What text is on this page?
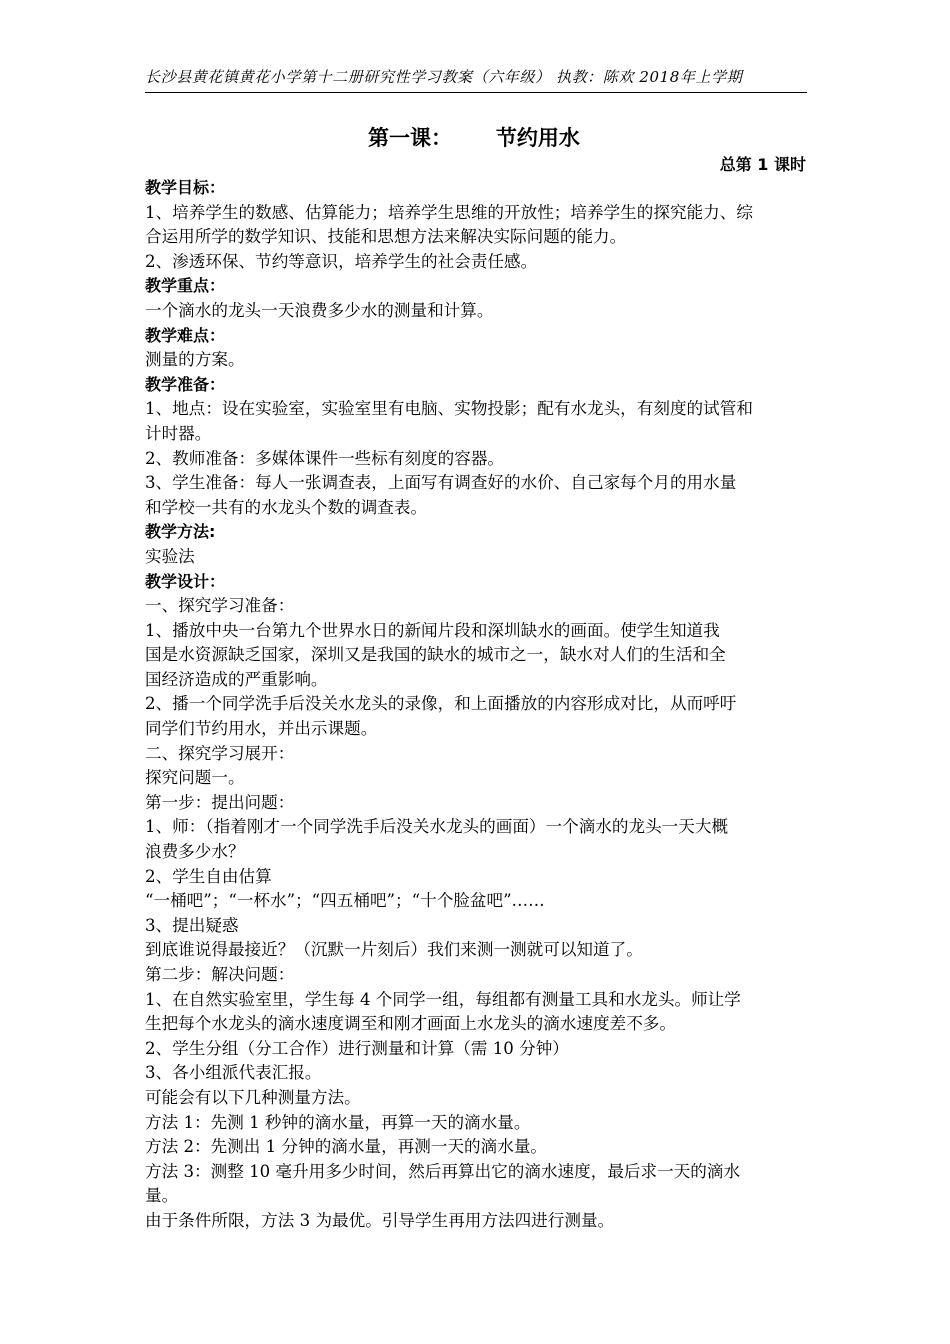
长沙县黄花镇黄花小学第十二册研究性学习教案（六年级） 执教：陈欢 2018年上学期
第一课：      节约用水
总第 1 课时
教学目标：
1、培养学生的数感、估算能力；培养学生思维的开放性；培养学生的探究能力、综
合运用所学的数学知识、技能和思想方法来解决实际问题的能力。
2、渗透环保、节约等意识，培养学生的社会责任感。
教学重点：
一个滴水的龙头一天浪费多少水的测量和计算。
教学难点：
测量的方案。
教学准备：
1、地点：设在实验室，实验室里有电脑、实物投影；配有水龙头，有刻度的试管和
计时器。
2、教师准备：多媒体课件一些标有刻度的容器。
3、学生准备：每人一张调查表，上面写有调查好的水价、自己家每个月的用水量
和学校一共有的水龙头个数的调查表。
教学方法:
实验法
教学设计：
一、探究学习准备：
1、播放中央一台第九个世界水日的新闻片段和深圳缺水的画面。使学生知道我
国是水资源缺乏国家，深圳又是我国的缺水的城市之一，缺水对人们的生活和全
国经济造成的严重影响。
2、播一个同学洗手后没关水龙头的录像，和上面播放的内容形成对比，从而呼吁
同学们节约用水，并出示课题。
二、探究学习展开：
探究问题一。
第一步：提出问题：
1、师：（指着刚才一个同学洗手后没关水龙头的画面）一个滴水的龙头一天大概
浪费多少水？
2、学生自由估算
“一桶吧”；“一杯水”；“四五桶吧”；“十个脸盆吧”……
3、提出疑惑
到底谁说得最接近？（沉默一片刻后）我们来测一测就可以知道了。
第二步：解决问题：
1、在自然实验室里，学生每 4 个同学一组，每组都有测量工具和水龙头。师让学
生把每个水龙头的滴水速度调至和刚才画面上水龙头的滴水速度差不多。
2、学生分组（分工合作）进行测量和计算（需 10 分钟）
3、各小组派代表汇报。
可能会有以下几种测量方法。
方法 1：先测 1 秒钟的滴水量，再算一天的滴水量。
方法 2：先测出 1 分钟的滴水量，再测一天的滴水量。
方法 3：测整 10 毫升用多少时间，然后再算出它的滴水速度，最后求一天的滴水
量。
由于条件所限，方法 3 为最优。引导学生再用方法四进行测量。
